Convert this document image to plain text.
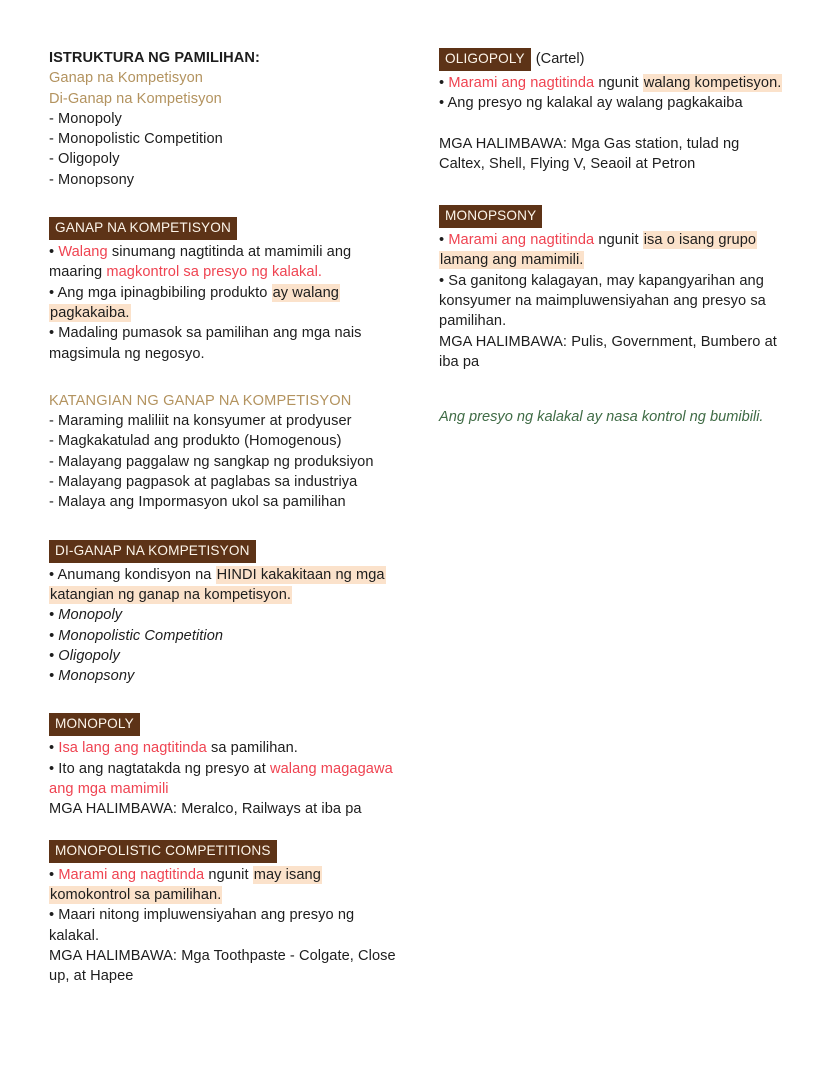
ISTRUKTURA NG PAMILIHAN:

Ganap na Kompetisyon

Di-Ganap na Kompetisyon

- Monopoly

- Monopolistic Competition

- Oligopoly

- Monopsony

GANAP NA KOMPETISYON

• Walang sinumang nagtitinda at mamimili ang maaring magkontrol sa presyo ng kalakal.

• Ang mga ipinagbibiling produkto ay walang pagkakaiba.

• Madaling pumasok sa pamilihan ang mga nais magsimula ng negosyo.

KATANGIAN NG GANAP NA KOMPETISYON

- Maraming maliliit na konsyumer at prodyuser

- Magkakatulad ang produkto (Homogenous)

- Malayang paggalaw ng sangkap ng produksiyon

- Malayang pagpasok at paglabas sa industriya

- Malaya ang Impormasyon ukol sa pamilihan

DI-GANAP NA KOMPETISYON

• Anumang kondisyon na HINDI kakakitaan ng mga katangian ng ganap na kompetisyon.

• Monopoly

• Monopolistic Competition

• Oligopoly

• Monopsony

MONOPOLY

• Isa lang ang nagtitinda sa pamilihan.

• Ito ang nagtatakda ng presyo at walang magagawa ang mga mamimili

MGA HALIMBAWA: Meralco, Railways at iba pa

MONOPOLISTIC COMPETITIONS

• Marami ang nagtitinda ngunit may isang komokontrol sa pamilihan.

• Maari nitong impluwensiyahan ang presyo ng kalakal.

MGA HALIMBAWA: Mga Toothpaste - Colgate, Close up, at Hapee

OLIGOPOLY (Cartel)

• Marami ang nagtitinda ngunit walang kompetisyon.

• Ang presyo ng kalakal ay walang pagkakaiba

MGA HALIMBAWA: Mga Gas station, tulad ng Caltex, Shell, Flying V, Seaoil at Petron

MONOPSONY

• Marami ang nagtitinda ngunit isa o isang grupo lamang ang mamimili.

• Sa ganitong kalagayan, may kapangyarihan ang konsyumer na maimpluwensiyahan ang presyo sa pamilihan.

MGA HALIMBAWA: Pulis, Government, Bumbero at iba pa

Ang presyo ng kalakal ay nasa kontrol ng bumibili.
